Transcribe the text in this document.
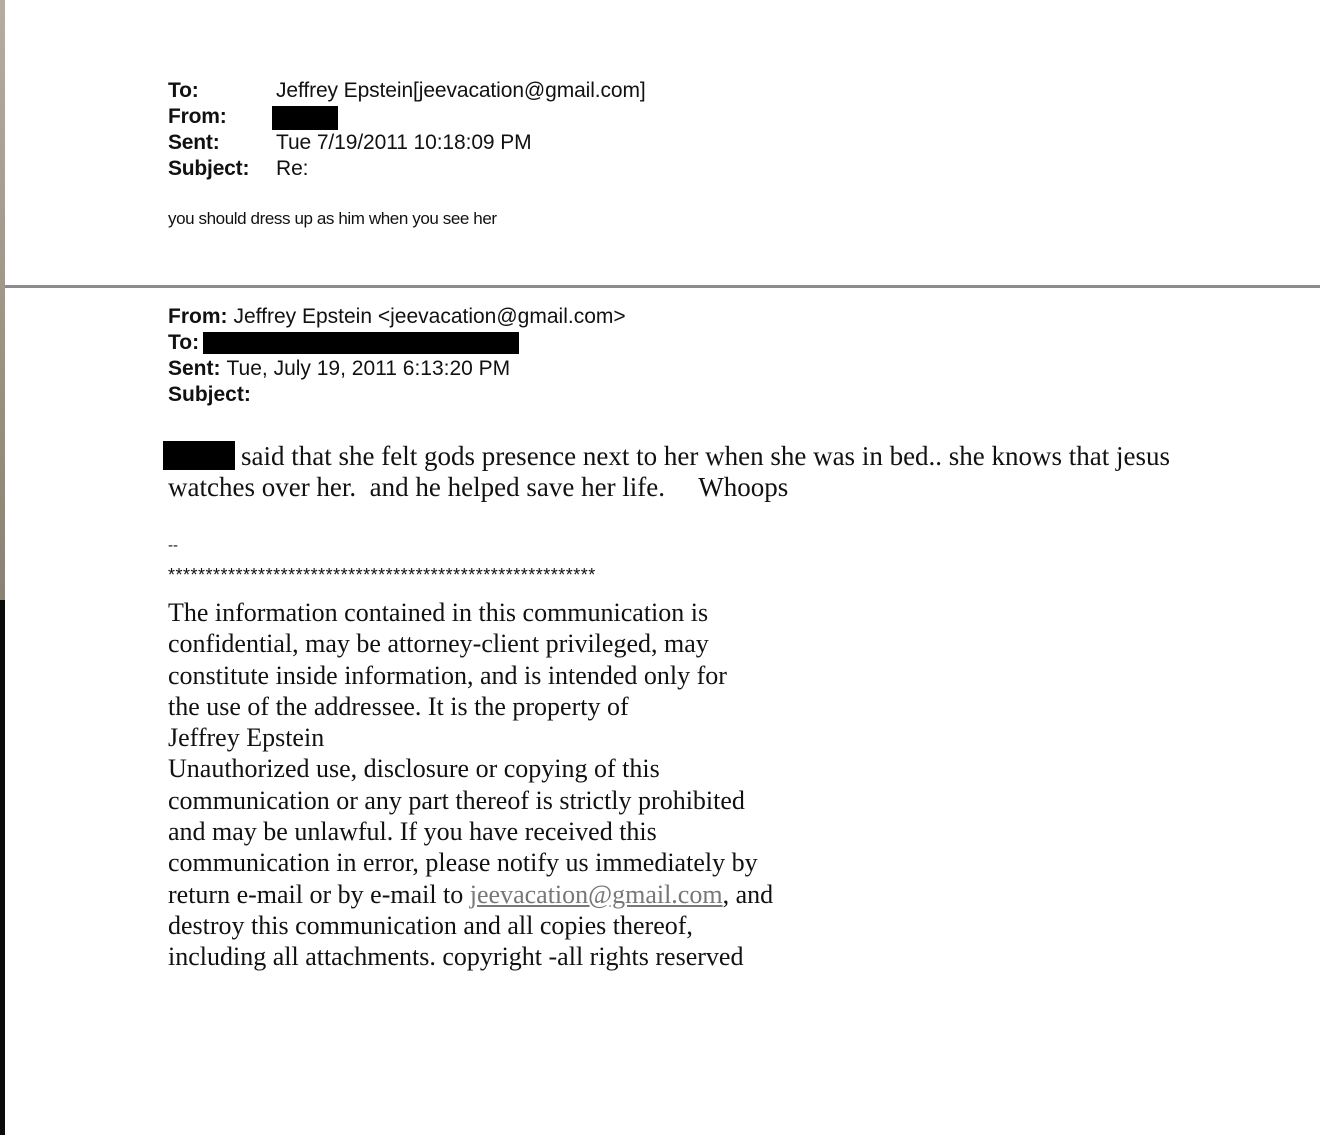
To:	Jeffrey Epstein[jeevacation@gmail.com]
From:
Sent:	Tue 7/19/2011 10:18:09 PM
Subject:	Re:
you should dress up as him when you see her
From: Jeffrey Epstein <jeevacation@gmail.com>
To:
Sent: Tue, July 19, 2011 6:13:20 PM
Subject:
said that she felt gods presence next to her when she was in bed.. she knows that jesus
watches over her.  and he helped save her life.     Whoops
--
*********************************************************
The information contained in this communication is
confidential, may be attorney-client privileged, may
constitute inside information, and is intended only for
the use of the addressee. It is the property of
Jeffrey Epstein
Unauthorized use, disclosure or copying of this
communication or any part thereof is strictly prohibited
and may be unlawful. If you have received this
communication in error, please notify us immediately by
return e-mail or by e-mail to jeevacation@gmail.com, and
destroy this communication and all copies thereof,
including all attachments. copyright -all rights reserved
